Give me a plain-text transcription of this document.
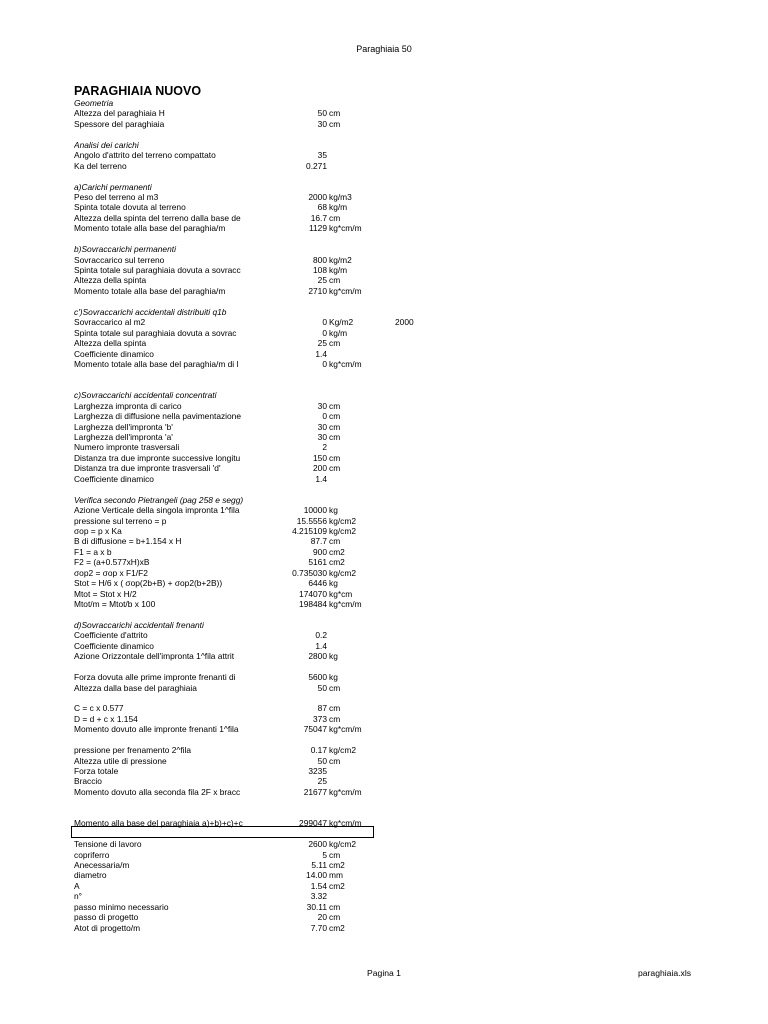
Paraghiaia 50
PARAGHIAIA NUOVO
Geometria
Altezza del paraghiaia H	50 cm
Spessore del paraghiaia	30 cm
Analisi dei carichi
Angolo d'attrito del terreno compattato	35
Ka del terreno	0.271
a)Carichi permanenti
Peso del terreno al m3	2000 kg/m3
Spinta totale dovuta al terreno	68 kg/m
Altezza della spinta del terreno dalla base de	16.7 cm
Momento totale alla base del paraghia/m	1129 kg*cm/m
b)Sovraccarichi permanenti
Sovraccarico sul terreno	800 kg/m2
Spinta totale sul paraghiaia dovuta a sovracc	108 kg/m
Altezza della spinta	25 cm
Momento totale alla base del paraghia/m	2710 kg*cm/m
c')Sovraccarichi accidentali distribuiti q1b
Sovraccarico al m2	0 Kg/m2	2000
Spinta totale sul paraghiaia dovuta a sovrac	0 kg/m
Altezza della spinta	25 cm
Coefficiente dinamico	1.4
Momento totale alla base del paraghia/m di l	0 kg*cm/m
c)Sovraccarichi accidentali concentrati
Larghezza impronta di carico	30 cm
Larghezza di diffusione nella pavimentazione	0 cm
Larghezza dell'impronta 'b'	30 cm
Larghezza dell'impronta 'a'	30 cm
Numero impronte trasversali	2
Distanza tra due impronte successive longitu	150 cm
Distanza tra due impronte trasversali 'd'	200 cm
Coefficiente dinamico	1.4
Verifica secondo Pietrangeli (pag 258 e segg)
Azione Verticale della singola impronta 1^fila	10000 kg
pressione sul terreno = p	15.5556 kg/cm2
σop = p x Ka	4.215109 kg/cm2
B di diffusione = b+1.154 x H	87.7 cm
F1 = a x b	900 cm2
F2 = (a+0.577xH)xB	5161 cm2
σop2 = σop x F1/F2	0.735030 kg/cm2
Stot = H/6 x ( σop(2b+B) + σop2(b+2B))	6446 kg
Mtot = Stot x H/2	174070 kg*cm
Mtot/m = Mtot/b x 100	198484 kg*cm/m
d)Sovraccarichi accidentali frenanti
Coefficiente d'attrito	0.2
Coefficiente dinamico	1.4
Azione Orizzontale dell'impronta 1^fila attrit	2800 kg
Forza dovuta alle prime impronte frenanti di	5600 kg
Altezza dalla base del paraghiaia	50 cm
C = c x 0.577	87 cm
D = d + c x 1.154	373 cm
Momento dovuto alle impronte frenanti 1^fila	75047 kg*cm/m
pressione per frenamento 2^fila	0.17 kg/cm2
Altezza utile di pressione	50 cm
Forza totale	3235
Braccio	25
Momento dovuto alla seconda fila 2F x bracc	21677 kg*cm/m
Momento alla base del paraghiaia a)+b)+c)+c	299047 kg*cm/m
Tensione di lavoro	2600 kg/cm2
copriferro	5 cm
Anecessaria/m	5.11 cm2
diametro	14.00 mm
A	1.54 cm2
n°	3.32
passo minimo necessario	30.11 cm
passo di progetto	20 cm
Atot di progetto/m	7.70 cm2
Pagina 1	paraghiaia.xls
